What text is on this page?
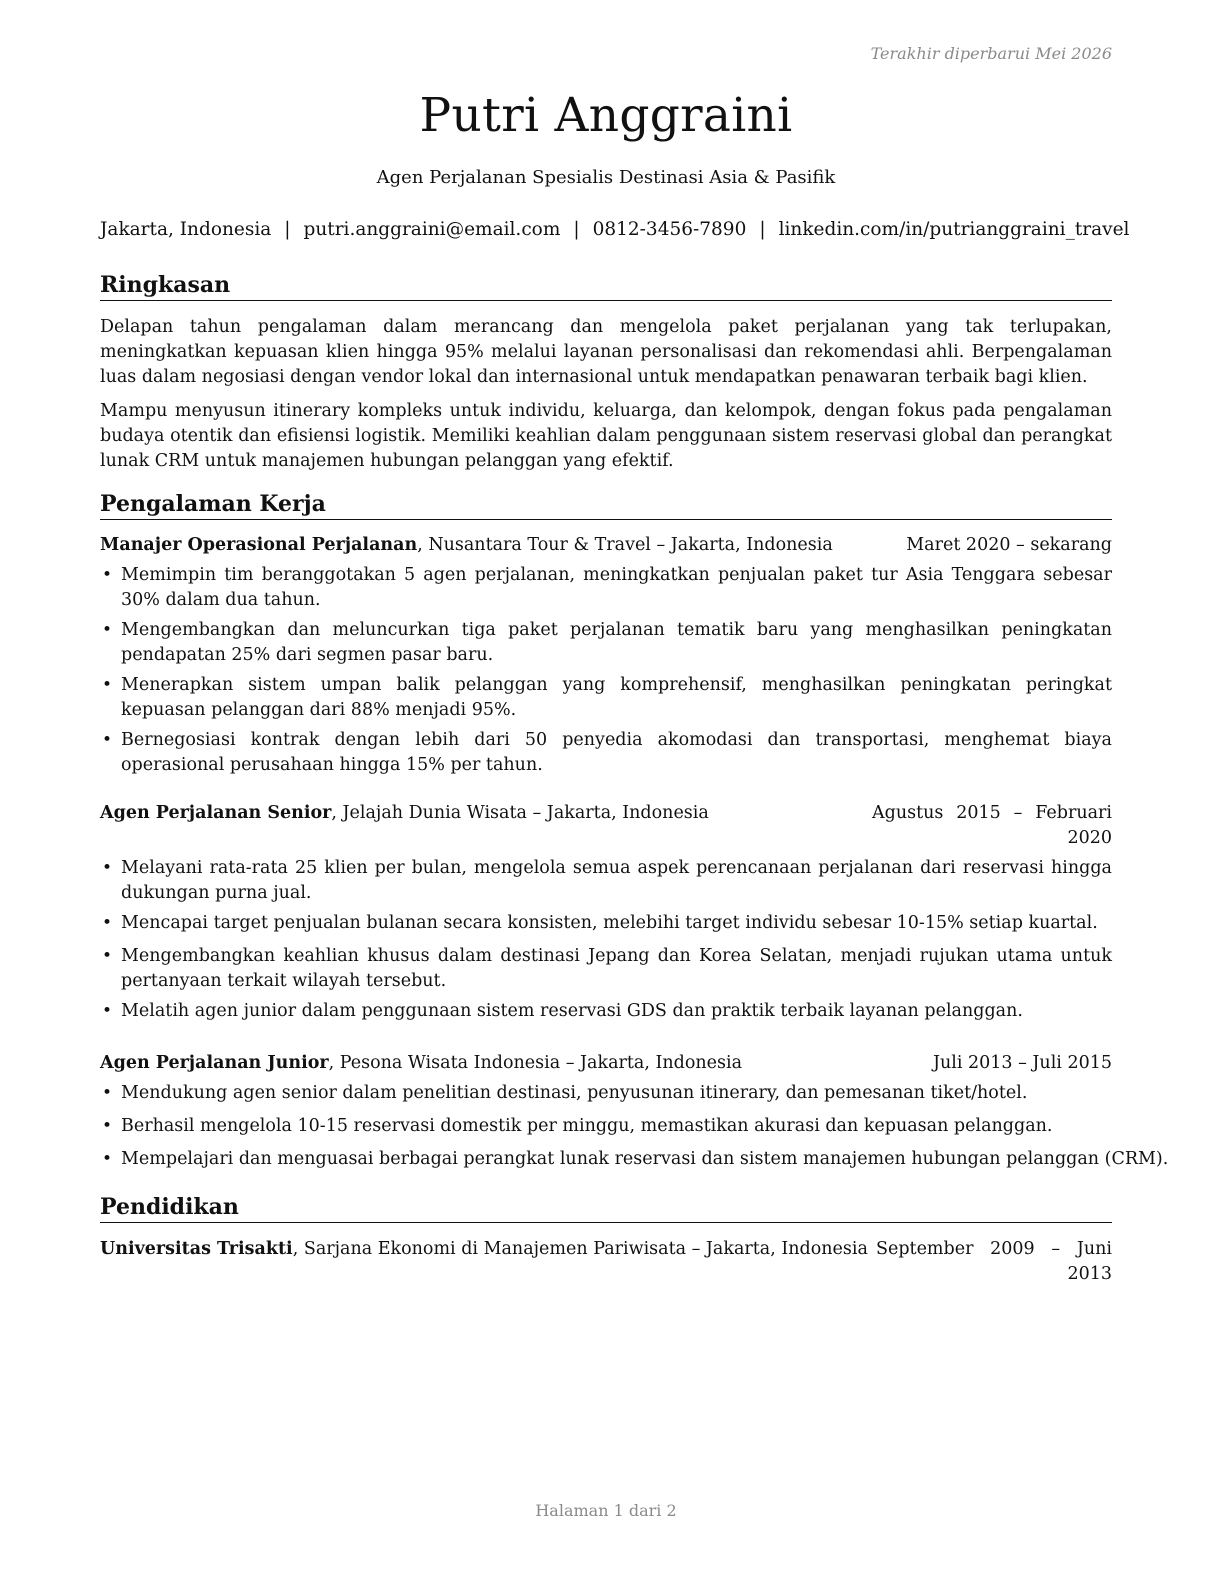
Terakhir diperbarui Mei 2026
Putri Anggraini
Agen Perjalanan Spesialis Destinasi Asia & Pasifik
Jakarta, Indonesia | putri.anggraini@email.com | 0812-3456-7890 | linkedin.com/in/putrianggraini_travel
Ringkasan

Delapan tahun pengalaman dalam merancang dan mengelola paket perjalanan yang tak terlupakan, meningkatkan kepuasan klien hingga 95% melalui layanan personalisasi dan rekomendasi ahli. Berpengalaman luas dalam negosiasi dengan vendor lokal dan internasional untuk mendapatkan penawaran terbaik bagi klien.

Mampu menyusun itinerary kompleks untuk individu, keluarga, dan kelompok, dengan fokus pada pengalaman budaya otentik dan efisiensi logistik. Memiliki keahlian dalam penggunaan sistem reservasi global dan perangkat lunak CRM untuk manajemen hubungan pelanggan yang efektif.

Pengalaman Kerja
Manajer Operasional Perjalanan, Nusantara Tour & Travel – Jakarta, Indonesia	Maret 2020 – sekarang
• Memimpin tim beranggotakan 5 agen perjalanan, meningkatkan penjualan paket tur Asia Tenggara sebesar 30% dalam dua tahun.
• Mengembangkan dan meluncurkan tiga paket perjalanan tematik baru yang menghasilkan peningkatan pendapatan 25% dari segmen pasar baru.
• Menerapkan sistem umpan balik pelanggan yang komprehensif, menghasilkan peningkatan peringkat kepuasan pelanggan dari 88% menjadi 95%.
• Bernegosiasi kontrak dengan lebih dari 50 penyedia akomodasi dan transportasi, menghemat biaya operasional perusahaan hingga 15% per tahun.
Agen Perjalanan Senior, Jelajah Dunia Wisata – Jakarta, Indonesia	Agustus 2015 – Februari 2020
• Melayani rata-rata 25 klien per bulan, mengelola semua aspek perencanaan perjalanan dari reservasi hingga dukungan purna jual.
• Mencapai target penjualan bulanan secara konsisten, melebihi target individu sebesar 10-15% setiap kuartal.
• Mengembangkan keahlian khusus dalam destinasi Jepang dan Korea Selatan, menjadi rujukan utama untuk pertanyaan terkait wilayah tersebut.
• Melatih agen junior dalam penggunaan sistem reservasi GDS dan praktik terbaik layanan pelanggan.
Agen Perjalanan Junior, Pesona Wisata Indonesia – Jakarta, Indonesia	Juli 2013 – Juli 2015
• Mendukung agen senior dalam penelitian destinasi, penyusunan itinerary, dan pemesanan tiket/hotel.
• Berhasil mengelola 10-15 reservasi domestik per minggu, memastikan akurasi dan kepuasan pelanggan.
• Mempelajari dan menguasai berbagai perangkat lunak reservasi dan sistem manajemen hubungan pelanggan (CRM).
Pendidikan
Universitas Trisakti, Sarjana Ekonomi di Manajemen Pariwisata – Jakarta, Indonesia September 2009 – Juni 2013
Halaman 1 dari 2
